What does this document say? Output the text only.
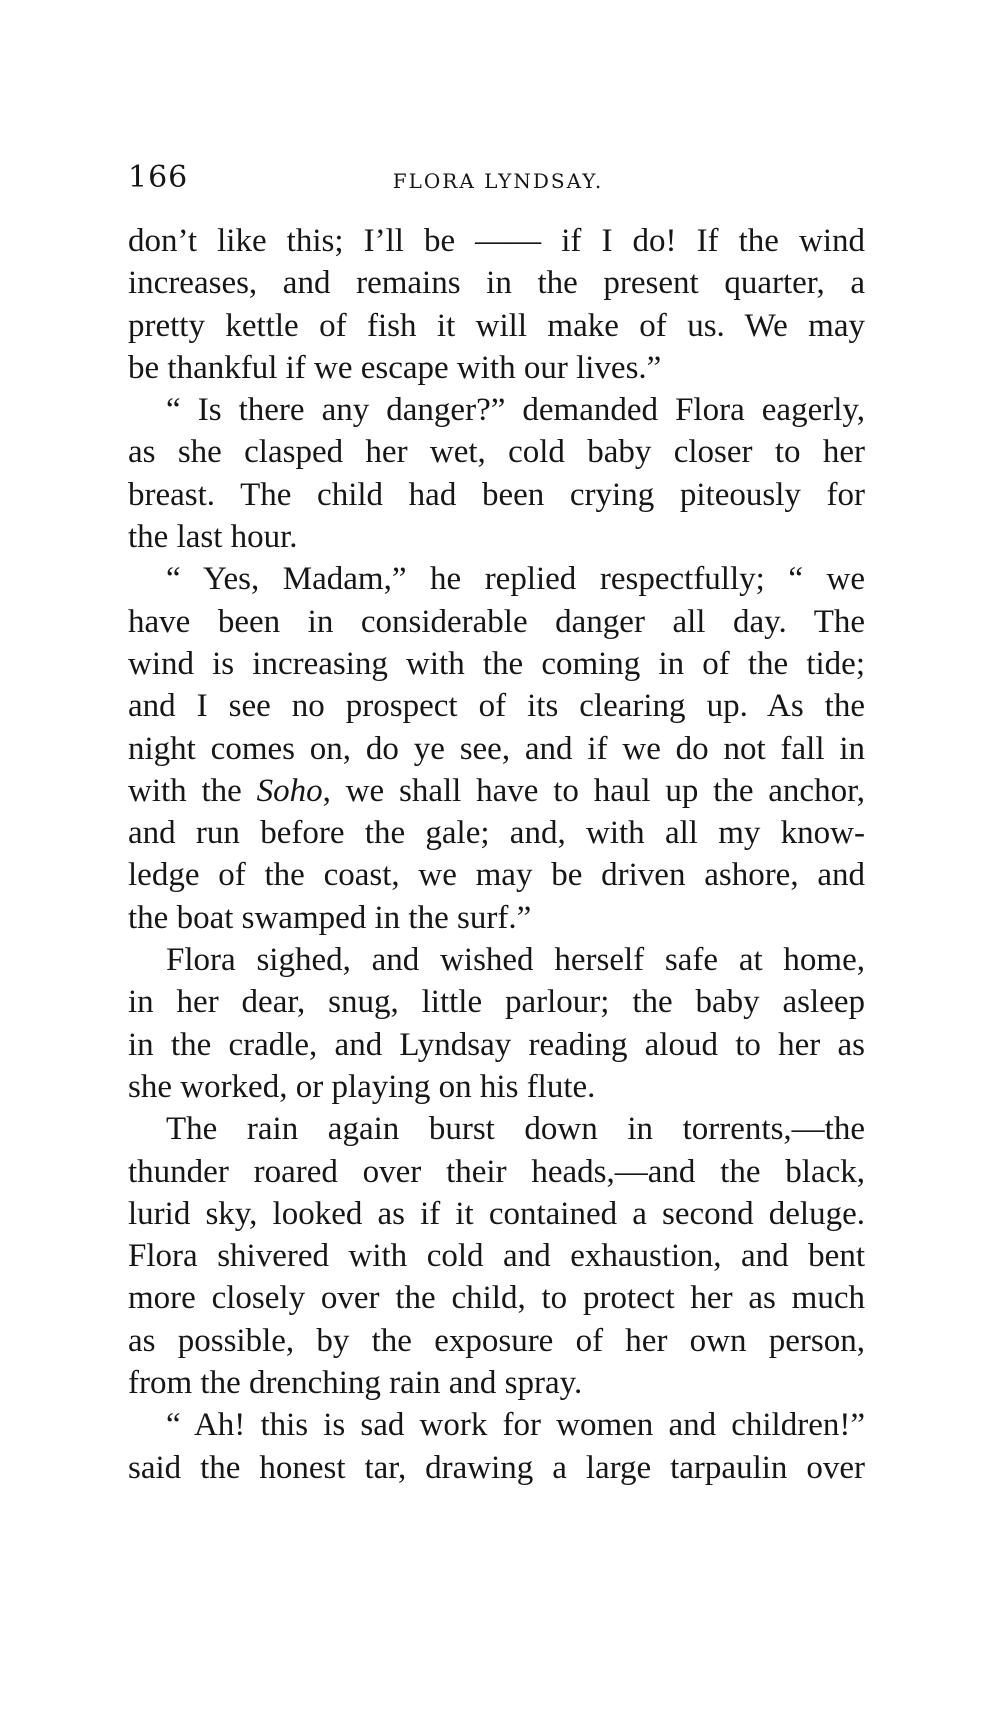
166	FLORA LYNDSAY.
don’t like this; I’ll be —— if I do! If the wind
increases, and remains in the present quarter, a
pretty kettle of fish it will make of us. We may
be thankful if we escape with our lives.”
“ Is there any danger?” demanded Flora eagerly,
as she clasped her wet, cold baby closer to her
breast. The child had been crying piteously for
the last hour.
“ Yes, Madam,” he replied respectfully; “ we
have been in considerable danger all day. The
wind is increasing with the coming in of the tide;
and I see no prospect of its clearing up. As the
night comes on, do ye see, and if we do not fall in
with the Soho, we shall have to haul up the anchor,
and run before the gale; and, with all my know-
ledge of the coast, we may be driven ashore, and
the boat swamped in the surf.”
Flora sighed, and wished herself safe at home,
in her dear, snug, little parlour; the baby asleep
in the cradle, and Lyndsay reading aloud to her as
she worked, or playing on his flute.
The rain again burst down in torrents,—the
thunder roared over their heads,—and the black,
lurid sky, looked as if it contained a second deluge.
Flora shivered with cold and exhaustion, and bent
more closely over the child, to protect her as much
as possible, by the exposure of her own person,
from the drenching rain and spray.
“ Ah! this is sad work for women and children!”
said the honest tar, drawing a large tarpaulin over
